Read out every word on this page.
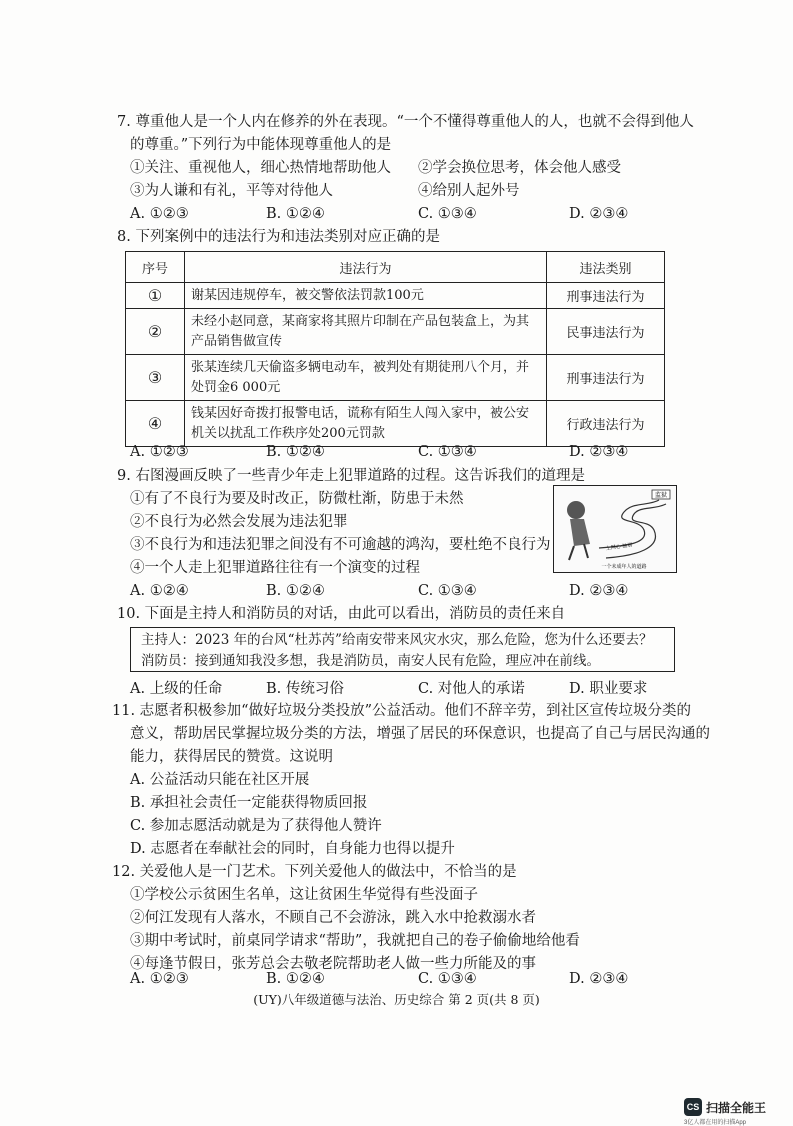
7. 尊重他人是一个人内在修养的外在表现。“一个不懂得尊重他人的人，也就不会得到他人
的尊重。”下列行为中能体现尊重他人的是
①关注、重视他人，细心热情地帮助他人 ②学会换位思考，体会他人感受
③为人谦和有礼，平等对待他人	④给别人起外号
A. ①②③	B. ①②④	C. ①③④	D. ②③④
8. 下列案例中的违法行为和违法类别对应正确的是
序号	违法行为	违法类别
①	谢某因违规停车，被交警依法罚款100元	刑事违法行为
②	未经小赵同意，某商家将其照片印制在产品包装盒上，为其产品销售做宣传	民事违法行为
③	张某连续几天偷盗多辆电动车，被判处有期徒刑八个月，并处罚金6 000元	刑事违法行为
④	钱某因好奇拨打报警电话，谎称有陌生人闯入家中，被公安机关以扰乱工作秩序处200元罚款	行政违法行为
A. ①②③	B. ①②④	C. ①③④	D. ②③④
9. 右图漫画反映了一些青少年走上犯罪道路的过程。这告诉我们的道理是
①有了不良行为要及时改正，防微杜渐，防患于未然
②不良行为必然会发展为违法犯罪
③不良行为和违法犯罪之间没有不可逾越的鸿沟，要杜绝不良行为
④一个人走上犯罪道路往往有一个演变的过程
监狱
上网心·抽烟
一个未成年人的道路
A. ①②④	B. ①②④	C. ①③④	D. ②③④
10. 下面是主持人和消防员的对话，由此可以看出，消防员的责任来自
主持人：2023 年的台风“杜苏芮”给南安带来风灾水灾，那么危险，您为什么还要去？
消防员：接到通知我没多想，我是消防员，南安人民有危险，理应冲在前线。
A. 上级的任命	B. 传统习俗	C. 对他人的承诺	D. 职业要求
11. 志愿者积极参加“做好垃圾分类投放”公益活动。他们不辞辛劳，到社区宣传垃圾分类的
意义，帮助居民掌握垃圾分类的方法，增强了居民的环保意识，也提高了自己与居民沟通的
能力，获得居民的赞赏。这说明
A. 公益活动只能在社区开展
B. 承担社会责任一定能获得物质回报
C. 参加志愿活动就是为了获得他人赞许
D. 志愿者在奉献社会的同时，自身能力也得以提升
12. 关爱他人是一门艺术。下列关爱他人的做法中，不恰当的是
①学校公示贫困生名单，这让贫困生华觉得有些没面子
②何江发现有人落水，不顾自己不会游泳，跳入水中抢救溺水者
③期中考试时，前桌同学请求“帮助”，我就把自己的卷子偷偷地给他看
④每逢节假日，张芳总会去敬老院帮助老人做一些力所能及的事
A. ①②③	B. ①②④	C. ①③④	D. ②③④
(UY)八年级道德与法治、历史综合 第 2 页(共 8 页)
CS 扫描全能王
3亿人都在用的扫描App
